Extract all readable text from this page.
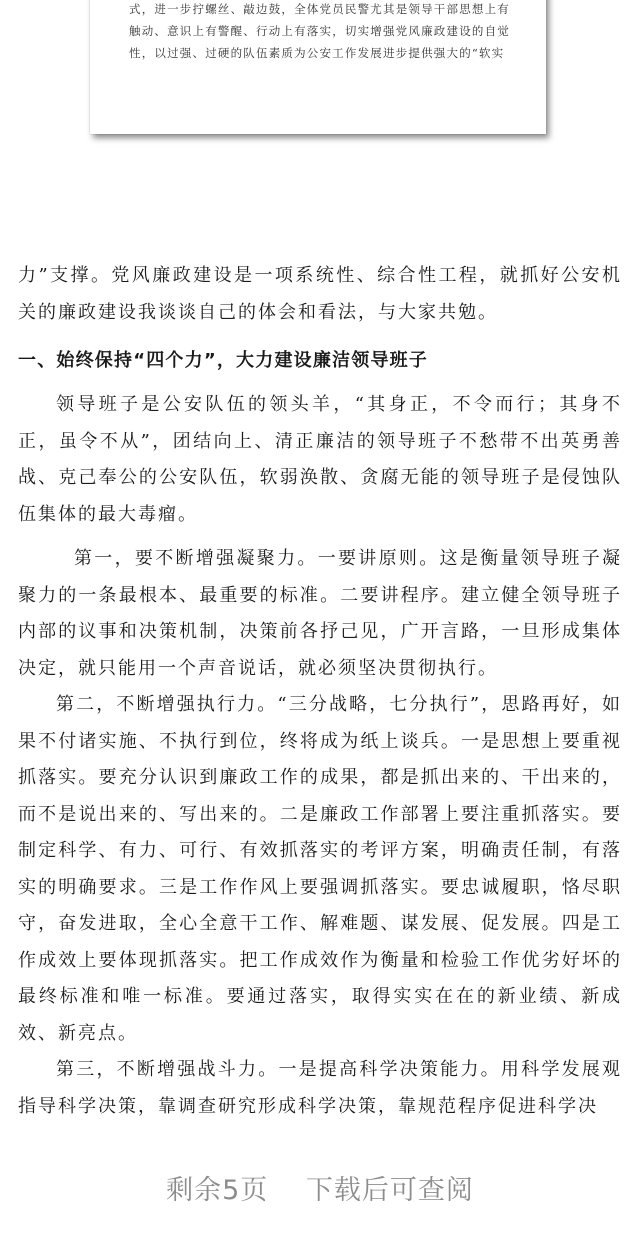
式，进一步拧螺丝、敲边鼓，全体党员民警尤其是领导干部思想上有
触动、意识上有警醒、行动上有落实，切实增强党风廉政建设的自觉
性，以过强、过硬的队伍素质为公安工作发展进步提供强大的“软实

力”支撑。党风廉政建设是一项系统性、综合性工程，就抓好公安机关的廉政建设我谈谈自己的体会和看法，与大家共勉。

一、始终保持“四个力”，大力建设廉洁领导班子

领导班子是公安队伍的领头羊，“其身正，不令而行；其身不正，虽令不从”，团结向上、清正廉洁的领导班子不愁带不出英勇善战、克己奉公的公安队伍，软弱涣散、贪腐无能的领导班子是侵蚀队伍集体的最大毒瘤。

第一，要不断增强凝聚力。一要讲原则。这是衡量领导班子凝聚力的一条最根本、最重要的标准。二要讲程序。建立健全领导班子内部的议事和决策机制，决策前各抒己见，广开言路，一旦形成集体决定，就只能用一个声音说话，就必须坚决贯彻执行。

第二，不断增强执行力。“三分战略，七分执行”，思路再好，如果不付诸实施、不执行到位，终将成为纸上谈兵。一是思想上要重视抓落实。要充分认识到廉政工作的成果，都是抓出来的、干出来的，而不是说出来的、写出来的。二是廉政工作部署上要注重抓落实。要制定科学、有力、可行、有效抓落实的考评方案，明确责任制，有落实的明确要求。三是工作作风上要强调抓落实。要忠诚履职，恪尽职守，奋发进取，全心全意干工作、解难题、谋发展、促发展。四是工作成效上要体现抓落实。把工作成效作为衡量和检验工作优劣好坏的最终标准和唯一标准。要通过落实，取得实实在在的新业绩、新成效、新亮点。

第三，不断增强战斗力。一是提高科学决策能力。用科学发展观指导科学决策，靠调查研究形成科学决策，靠规范程序促进科学决

剩余5页 下载后可查阅
